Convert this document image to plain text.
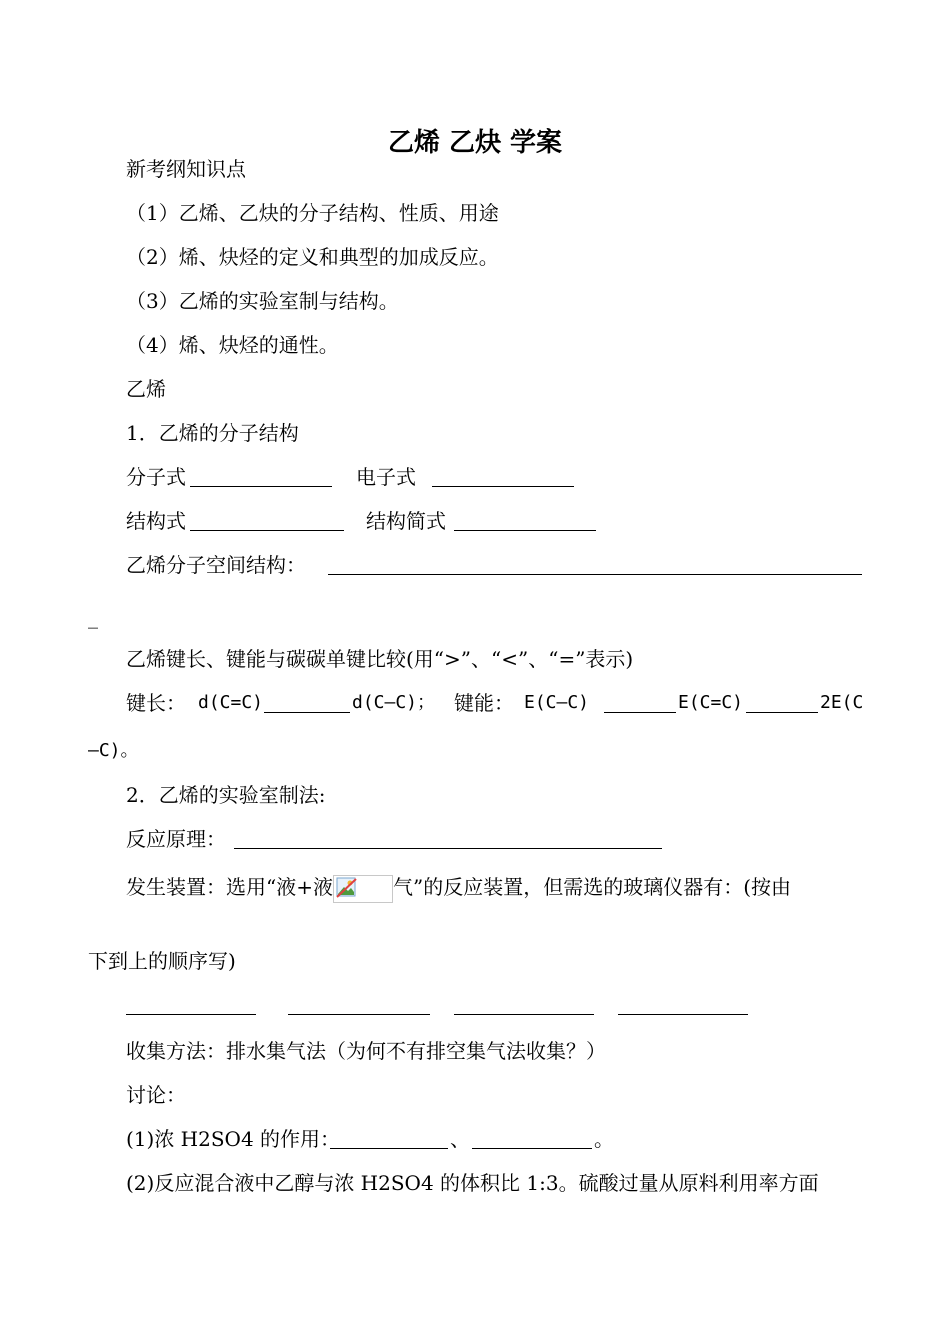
乙烯 乙炔 学案
新考纲知识点
（1）乙烯、乙炔的分子结构、性质、用途
（2）烯、炔烃的定义和典型的加成反应。
（3）乙烯的实验室制与结构。
（4）烯、炔烃的通性。
乙烯
1．乙烯的分子结构
分子式	电子式
结构式	结构简式
乙烯分子空间结构：
_
乙烯键长、键能与碳碳单键比较(用“>”、“<”、“=”表示)
键长： d(C=C)	d(C—C)； 键能： E(C—C)	E(C=C)	2E(C
—C)。
2．乙烯的实验室制法:
反应原理：
发生装置：选用“液+液	气”的反应装置，但需选的玻璃仪器有：(按由
下到上的顺序写)
收集方法：排水集气法（为何不有排空集气法收集？）
讨论：
(1)浓 H2SO4 的作用：	、	。
(2)反应混合液中乙醇与浓 H2SO4 的体积比 1:3。硫酸过量从原料利用率方面
